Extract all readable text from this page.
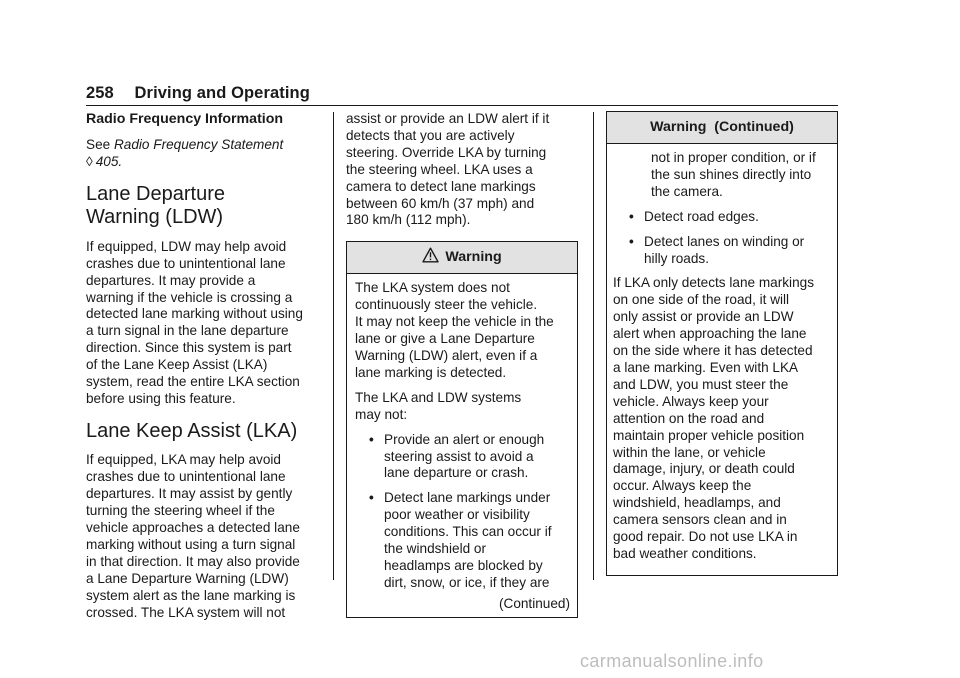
258 Driving and Operating
Radio Frequency Information
See Radio Frequency Statement
◊ 405.
Lane Departure
Warning (LDW)
If equipped, LDW may help avoid
crashes due to unintentional lane
departures. It may provide a
warning if the vehicle is crossing a
detected lane marking without using
a turn signal in the lane departure
direction. Since this system is part
of the Lane Keep Assist (LKA)
system, read the entire LKA section
before using this feature.
Lane Keep Assist (LKA)
If equipped, LKA may help avoid
crashes due to unintentional lane
departures. It may assist by gently
turning the steering wheel if the
vehicle approaches a detected lane
marking without using a turn signal
in that direction. It may also provide
a Lane Departure Warning (LDW)
system alert as the lane marking is
crossed. The LKA system will not
assist or provide an LDW alert if it
detects that you are actively
steering. Override LKA by turning
the steering wheel. LKA uses a
camera to detect lane markings
between 60 km/h (37 mph) and
180 km/h (112 mph).
Warning
The LKA system does not
continuously steer the vehicle.
It may not keep the vehicle in the
lane or give a Lane Departure
Warning (LDW) alert, even if a
lane marking is detected.
The LKA and LDW systems
may not:
• Provide an alert or enough
steering assist to avoid a
lane departure or crash.
• Detect lane markings under
poor weather or visibility
conditions. This can occur if
the windshield or
headlamps are blocked by
dirt, snow, or ice, if they are
(Continued)
Warning  (Continued)
not in proper condition, or if
the sun shines directly into
the camera.
• Detect road edges.
• Detect lanes on winding or
hilly roads.
If LKA only detects lane markings
on one side of the road, it will
only assist or provide an LDW
alert when approaching the lane
on the side where it has detected
a lane marking. Even with LKA
and LDW, you must steer the
vehicle. Always keep your
attention on the road and
maintain proper vehicle position
within the lane, or vehicle
damage, injury, or death could
occur. Always keep the
windshield, headlamps, and
camera sensors clean and in
good repair. Do not use LKA in
bad weather conditions.
carmanualsonline.info
